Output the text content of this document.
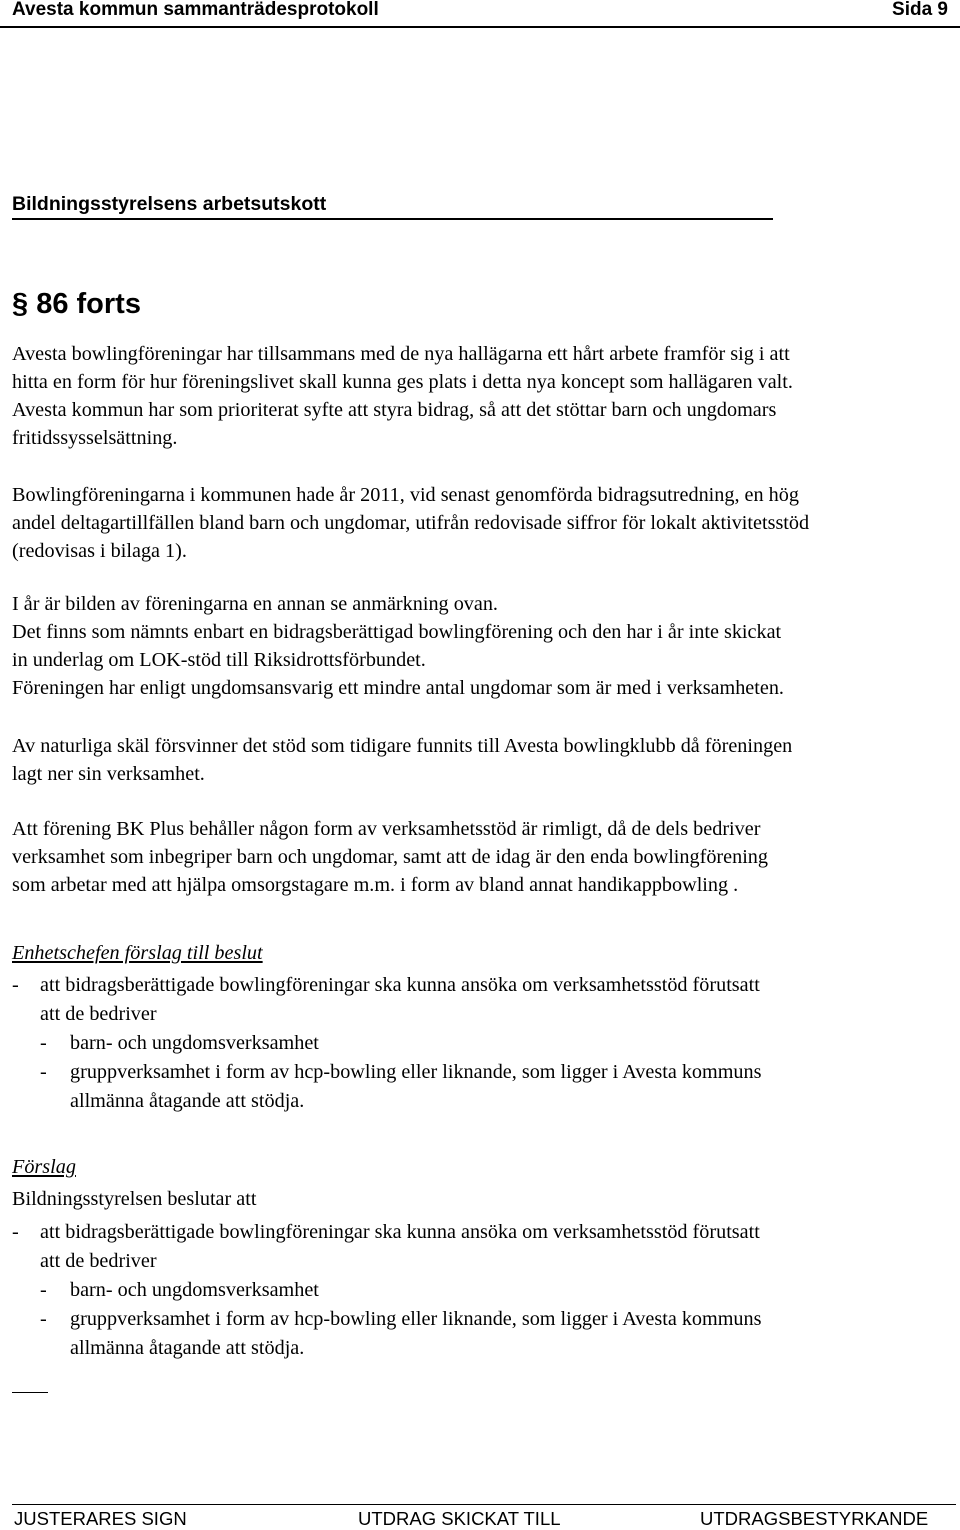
Avesta kommun sammanträdesprotokoll	Sida 9
Bildningsstyrelsens arbetsutskott
§ 86 forts
Avesta bowlingföreningar har tillsammans med de nya hallägarna ett hårt arbete framför sig i att
hitta en form för hur föreningslivet skall kunna ges plats i detta nya koncept som hallägaren valt.
Avesta kommun har som prioriterat syfte att styra bidrag, så att det stöttar barn och ungdomars
fritidssysselsättning.
Bowlingföreningarna i kommunen hade år 2011, vid senast genomförda bidragsutredning, en hög
andel deltagartillfällen bland barn och ungdomar, utifrån redovisade siffror för lokalt aktivitetsstöd
(redovisas i bilaga 1).
I år är bilden av föreningarna en annan se anmärkning ovan.
Det finns som nämnts enbart en bidragsberättigad bowlingförening och den har i år inte skickat
in underlag om LOK-stöd till Riksidrottsförbundet.
Föreningen har enligt ungdomsansvarig ett mindre antal ungdomar som är med i verksamheten.
Av naturliga skäl försvinner det stöd som tidigare funnits till Avesta bowlingklubb då föreningen
lagt ner sin verksamhet.
Att förening BK Plus behåller någon form av verksamhetsstöd är rimligt, då de dels bedriver
verksamhet som inbegriper barn och ungdomar, samt att de idag är den enda bowlingförening
som arbetar med att hjälpa omsorgstagare m.m. i form av bland annat handikappbowling .
Enhetschefen förslag till beslut
- att bidragsberättigade bowlingföreningar ska kunna ansöka om verksamhetsstöd förutsatt
att de bedriver
- barn- och ungdomsverksamhet
- gruppverksamhet i form av hcp-bowling eller liknande, som ligger i Avesta kommuns
allmänna åtagande att stödja.
Förslag
Bildningsstyrelsen beslutar att
- att bidragsberättigade bowlingföreningar ska kunna ansöka om verksamhetsstöd förutsatt
att de bedriver
- barn- och ungdomsverksamhet
- gruppverksamhet i form av hcp-bowling eller liknande, som ligger i Avesta kommuns
allmänna åtagande att stödja.
JUSTERARES SIGN	UTDRAG SKICKAT TILL	UTDRAGSBESTYRKANDE
